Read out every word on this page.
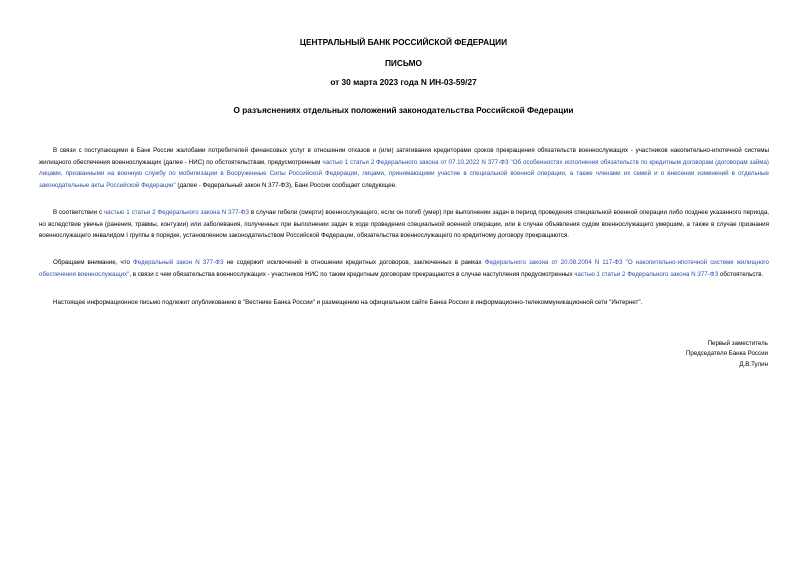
ЦЕНТРАЛЬНЫЙ БАНК РОССИЙСКОЙ ФЕДЕРАЦИИ
ПИСЬМО
от 30 марта 2023 года N ИН-03-59/27
О разъяснениях отдельных положений законодательства Российской Федерации

В связи с поступающими в Банк России жалобами потребителей финансовых услуг в отношении отказов и (или) затягивания кредиторами сроков прекращения обязательств военнослужащих - участников накопительно-ипотечной системы жилищного обеспечения военнослужащих (далее - НИС) по обстоятельствам, предусмотренным частью 1 статьи 2 Федерального закона от 07.10.2022 N 377-ФЗ "Об особенностях исполнения обязательств по кредитным договорам (договорам займа) лицами, призванными на военную службу по мобилизации в Вооруженные Силы Российской Федерации, лицами, принимающими участие в специальной военной операции, а также членами их семей и о внесении изменений в отдельные законодательные акты Российской Федерации" (далее - Федеральный закон N 377-ФЗ), Банк России сообщает следующее.

В соответствии с частью 1 статьи 2 Федерального закона N 377-ФЗ в случае гибели (смерти) военнослужащего, если он погиб (умер) при выполнении задач в период проведения специальной военной операции либо позднее указанного периода, но вследствие увечья (ранения, травмы, контузии) или заболевания, полученных при выполнении задач в ходе проведения специальной военной операции, или в случае объявления судом военнослужащего умершим, а также в случае признания военнослужащего инвалидом I группы в порядке, установленном законодательством Российской Федерации, обязательства военнослужащего по кредитному договору прекращаются.

Обращаем внимание, что Федеральный закон N 377-ФЗ не содержит исключений в отношении кредитных договоров, заключенных в рамках Федерального закона от 20.08.2004 N 117-ФЗ "О накопительно-ипотечной системе жилищного обеспечения военнослужащих", в связи с чем обязательства военнослужащих - участников НИС по таким кредитным договорам прекращаются в случае наступления предусмотренных частью 1 статьи 2 Федерального закона N 377-ФЗ обстоятельств.

Настоящее информационное письмо подлежит опубликованию в "Вестнике Банка России" и размещению на официальном сайте Банка России в информационно-телекоммуникационной сети "Интернет".

Первый заместитель
Председателя Банка России
Д.В.Тулин
